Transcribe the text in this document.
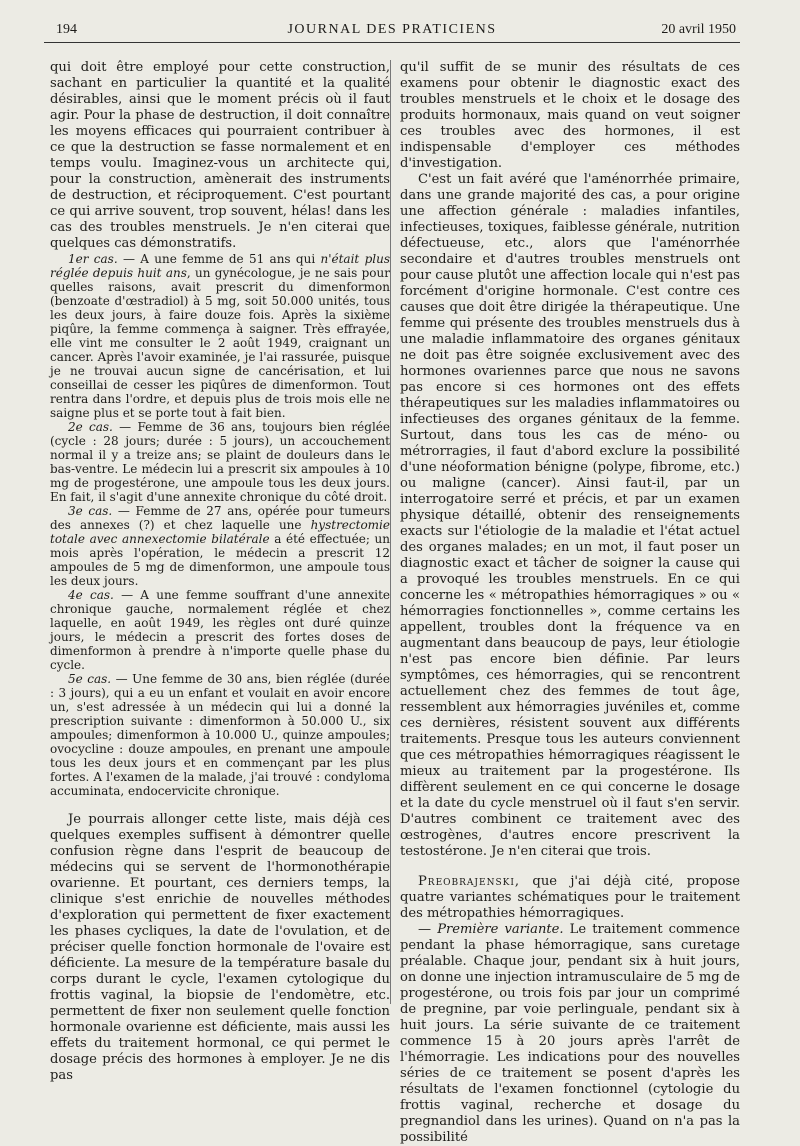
194	JOURNAL DES PRATICIENS	20 avril 1950

qui doit être employé pour cette construction, sachant en particulier la quantité et la qualité désirables, ainsi que le moment précis où il faut agir. Pour la phase de destruction, il doit connaître les moyens efficaces qui pourraient contribuer à ce que la destruction se fasse normalement et en temps voulu. Imaginez-vous un architecte qui, pour la construction, amènerait des instruments de destruction, et réciproquement. C'est pourtant ce qui arrive souvent, trop souvent, hélas! dans les cas des troubles menstruels. Je n'en citerai que quelques cas démonstratifs.

1er cas. — A une femme de 51 ans qui n'était plus réglée depuis huit ans, un gynécologue, je ne sais pour quelles raisons, avait prescrit du dimenformon (benzoate d'œstradiol) à 5 mg, soit 50.000 unités, tous les deux jours, à faire douze fois. Après la sixième piqûre, la femme commença à saigner. Très effrayée, elle vint me consulter le 2 août 1949, craignant un cancer. Après l'avoir examinée, je l'ai rassurée, puisque je ne trouvai aucun signe de cancérisation, et lui conseillai de cesser les piqûres de dimenformon. Tout rentra dans l'ordre, et depuis plus de trois mois elle ne saigne plus et se porte tout à fait bien.

2e cas. — Femme de 36 ans, toujours bien réglée (cycle : 28 jours; durée : 5 jours), un accouchement normal il y a treize ans; se plaint de douleurs dans le bas-ventre. Le médecin lui a prescrit six ampoules à 10 mg de progestérone, une ampoule tous les deux jours. En fait, il s'agit d'une annexite chronique du côté droit.

3e cas. — Femme de 27 ans, opérée pour tumeurs des annexes (?) et chez laquelle une hystrectomie totale avec annexectomie bilatérale a été effectuée; un mois après l'opération, le médecin a prescrit 12 ampoules de 5 mg de dimenformon, une ampoule tous les deux jours.

4e cas. — A une femme souffrant d'une annexite chronique gauche, normalement réglée et chez laquelle, en août 1949, les règles ont duré quinze jours, le médecin a prescrit des fortes doses de dimenformon à prendre à n'importe quelle phase du cycle.

5e cas. — Une femme de 30 ans, bien réglée (durée : 3 jours), qui a eu un enfant et voulait en avoir encore un, s'est adressée à un médecin qui lui a donné la prescription suivante : dimenformon à 50.000 U., six ampoules; dimenformon à 10.000 U., quinze ampoules; ovocycline : douze ampoules, en prenant une ampoule tous les deux jours et en commençant par les plus fortes. A l'examen de la malade, j'ai trouvé : condyloma accuminata, endocervicite chronique.

Je pourrais allonger cette liste, mais déjà ces quelques exemples suffisent à démontrer quelle confusion règne dans l'esprit de beaucoup de médecins qui se servent de l'hormonothérapie ovarienne. Et pourtant, ces derniers temps, la clinique s'est enrichie de nouvelles méthodes d'exploration qui permettent de fixer exactement les phases cycliques, la date de l'ovulation, et de préciser quelle fonction hormonale de l'ovaire est déficiente. La mesure de la température basale du corps durant le cycle, l'examen cytologique du frottis vaginal, la biopsie de l'endomètre, etc. permettent de fixer non seulement quelle fonction hormonale ovarienne est déficiente, mais aussi les effets du traitement hormonal, ce qui permet le dosage précis des hormones à employer. Je ne dis pas

qu'il suffit de se munir des résultats de ces examens pour obtenir le diagnostic exact des troubles menstruels et le choix et le dosage des produits hormonaux, mais quand on veut soigner ces troubles avec des hormones, il est indispensable d'employer ces méthodes d'investigation.

C'est un fait avéré que l'aménorrhée primaire, dans une grande majorité des cas, a pour origine une affection générale : maladies infantiles, infectieuses, toxiques, faiblesse générale, nutrition défectueuse, etc., alors que l'aménorrhée secondaire et d'autres troubles menstruels ont pour cause plutôt une affection locale qui n'est pas forcément d'origine hormonale. C'est contre ces causes que doit être dirigée la thérapeutique. Une femme qui présente des troubles menstruels dus à une maladie inflammatoire des organes génitaux ne doit pas être soignée exclusivement avec des hormones ovariennes parce que nous ne savons pas encore si ces hormones ont des effets thérapeutiques sur les maladies inflammatoires ou infectieuses des organes génitaux de la femme. Surtout, dans tous les cas de méno- ou métrorragies, il faut d'abord exclure la possibilité d'une néoformation bénigne (polype, fibrome, etc.) ou maligne (cancer). Ainsi faut-il, par un interrogatoire serré et précis, et par un examen physique détaillé, obtenir des renseignements exacts sur l'étiologie de la maladie et l'état actuel des organes malades; en un mot, il faut poser un diagnostic exact et tâcher de soigner la cause qui a provoqué les troubles menstruels. En ce qui concerne les « métropathies hémorragiques » ou « hémorragies fonctionnelles », comme certains les appellent, troubles dont la fréquence va en augmentant dans beaucoup de pays, leur étiologie n'est pas encore bien définie. Par leurs symptômes, ces hémorragies, qui se rencontrent actuellement chez des femmes de tout âge, ressemblent aux hémorragies juvéniles et, comme ces dernières, résistent souvent aux différents traitements. Presque tous les auteurs conviennent que ces métropathies hémorragiques réagissent le mieux au traitement par la progestérone. Ils diffèrent seulement en ce qui concerne le dosage et la date du cycle menstruel où il faut s'en servir. D'autres combinent ce traitement avec des œstrogènes, d'autres encore prescrivent la testostérone. Je n'en citerai que trois.

Preobrajenski, que j'ai déjà cité, propose quatre variantes schématiques pour le traitement des métropathies hémorragiques.

— Première variante. Le traitement commence pendant la phase hémorragique, sans curetage préalable. Chaque jour, pendant six à huit jours, on donne une injection intramusculaire de 5 mg de progestérone, ou trois fois par jour un comprimé de pregnine, par voie perlinguale, pendant six à huit jours. La série suivante de ce traitement commence 15 à 20 jours après l'arrêt de l'hémorragie. Les indications pour des nouvelles séries de ce traitement se posent d'après les résultats de l'examen fonctionnel (cytologie du frottis vaginal, recherche et dosage du pregnandiol dans les urines). Quand on n'a pas la possibilité
